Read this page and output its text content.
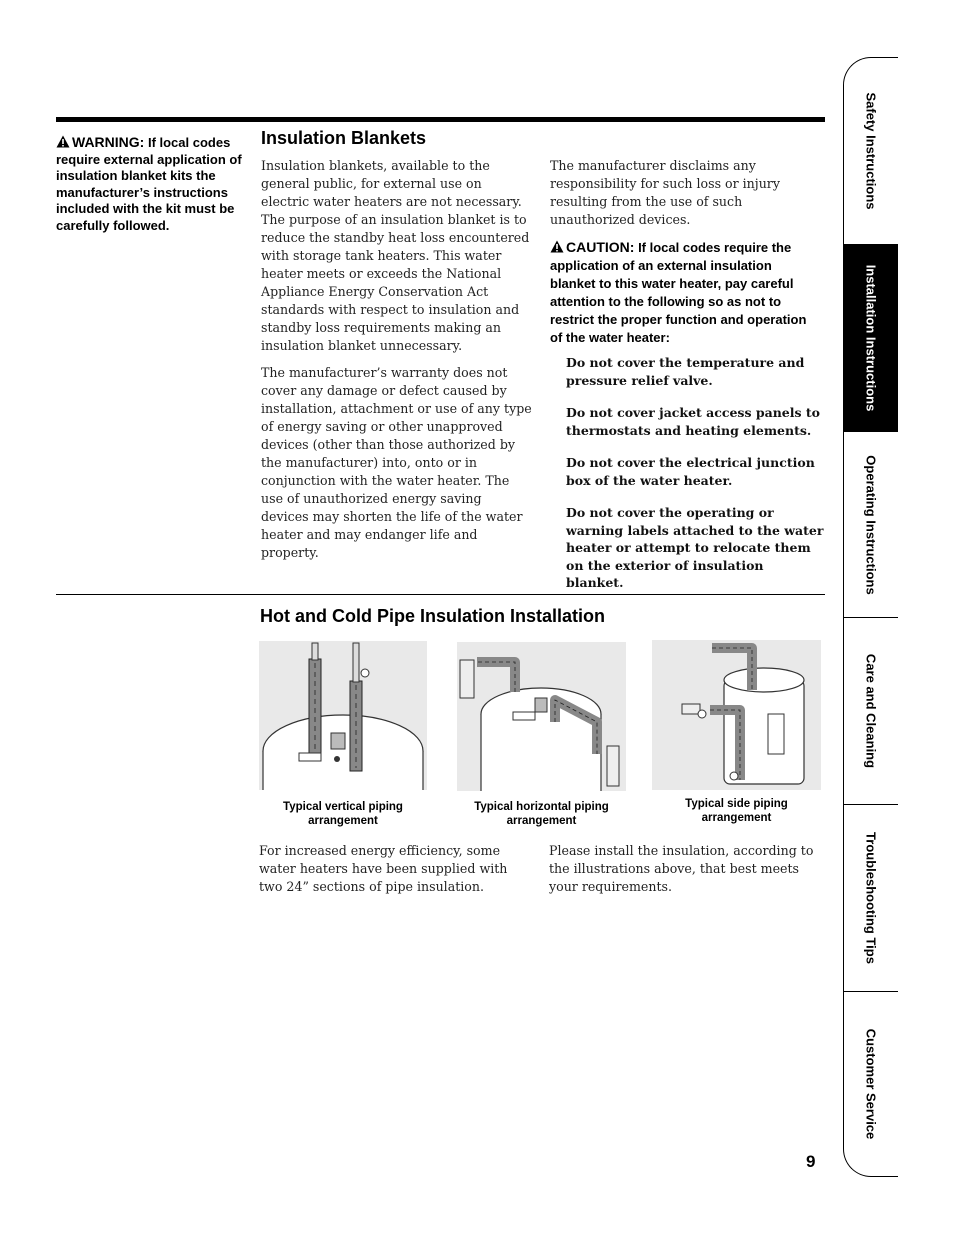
WARNING: If local codes require external application of insulation blanket kits the manufacturer’s instructions included with the kit must be carefully followed.
Insulation Blankets
Insulation blankets, available to the general public, for external use on electric water heaters are not necessary. The purpose of an insulation blanket is to reduce the standby heat loss encountered with storage tank heaters. This water heater meets or exceeds the National Appliance Energy Conservation Act standards with respect to insulation and standby loss requirements making an insulation blanket unnecessary.
The manufacturer’s warranty does not cover any damage or defect caused by installation, attachment or use of any type of energy saving or other unapproved devices (other than those authorized by the manufacturer) into, onto or in conjunction with the water heater. The use of unauthorized energy saving devices may shorten the life of the water heater and may endanger life and property.
The manufacturer disclaims any responsibility for such loss or injury resulting from the use of such unauthorized devices.
CAUTION: If local codes require the application of an external insulation blanket to this water heater, pay careful attention to the following so as not to restrict the proper function and operation of the water heater:
Do not cover the temperature and pressure relief valve.
Do not cover jacket access panels to thermostats and heating elements.
Do not cover the electrical junction box of the water heater.
Do not cover the operating or warning labels attached to the water heater or attempt to relocate them on the exterior of insulation blanket.
Hot and Cold Pipe Insulation Installation
Typical vertical piping arrangement
Typical horizontal piping arrangement
Typical side piping arrangement
For increased energy efficiency, some water heaters have been supplied with two 24” sections of pipe insulation.
Please install the insulation, according to the illustrations above, that best meets your requirements.
Safety Instructions
Installation Instructions
Operating Instructions
Care and Cleaning
Troubleshooting Tips
Customer Service
9
